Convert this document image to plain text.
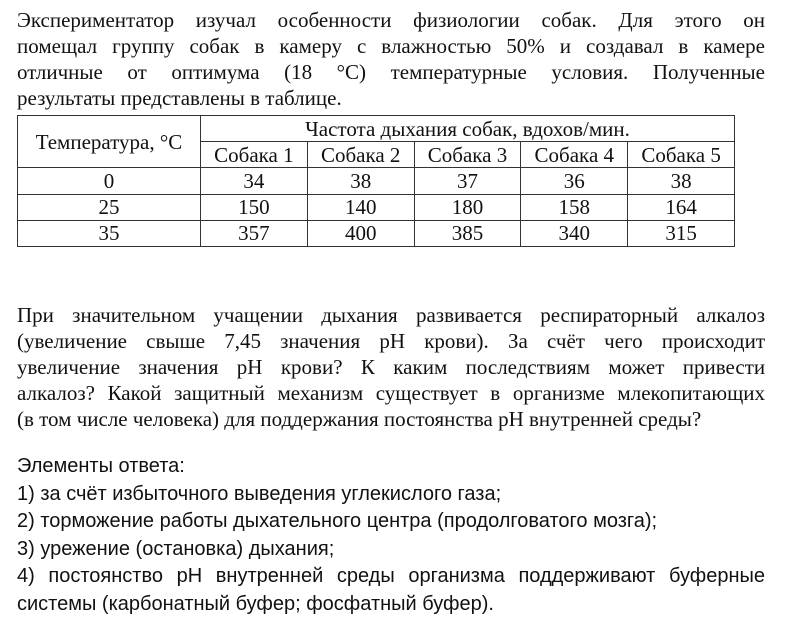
Экспериментатор изучал особенности физиологии собак. Для этого он
помещал группу собак в камеру с влажностью 50% и создавал в камере
отличные от оптимума (18 °С) температурные условия. Полученные
результаты представлены в таблице.
Температура, °С	Частота дыхания собак, вдохов/мин.				
	Собака 1	Собака 2	Собака 3	Собака 4	Собака 5
0	34	38	37	36	38
25	150	140	180	158	164
35	357	400	385	340	315
При значительном учащении дыхания развивается респираторный алкалоз
(увеличение свыше 7,45 значения рН крови). За счёт чего происходит
увеличение значения рН крови? К каким последствиям может привести
алкалоз? Какой защитный механизм существует в организме млекопитающих
(в том числе человека) для поддержания постоянства рН внутренней среды?
Элементы ответа:
1) за счёт избыточного выведения углекислого газа;
2) торможение работы дыхательного центра (продолговатого мозга);
3) урежение (остановка) дыхания;
4) постоянство рН внутренней среды организма поддерживают буферные
системы (карбонатный буфер; фосфатный буфер).
